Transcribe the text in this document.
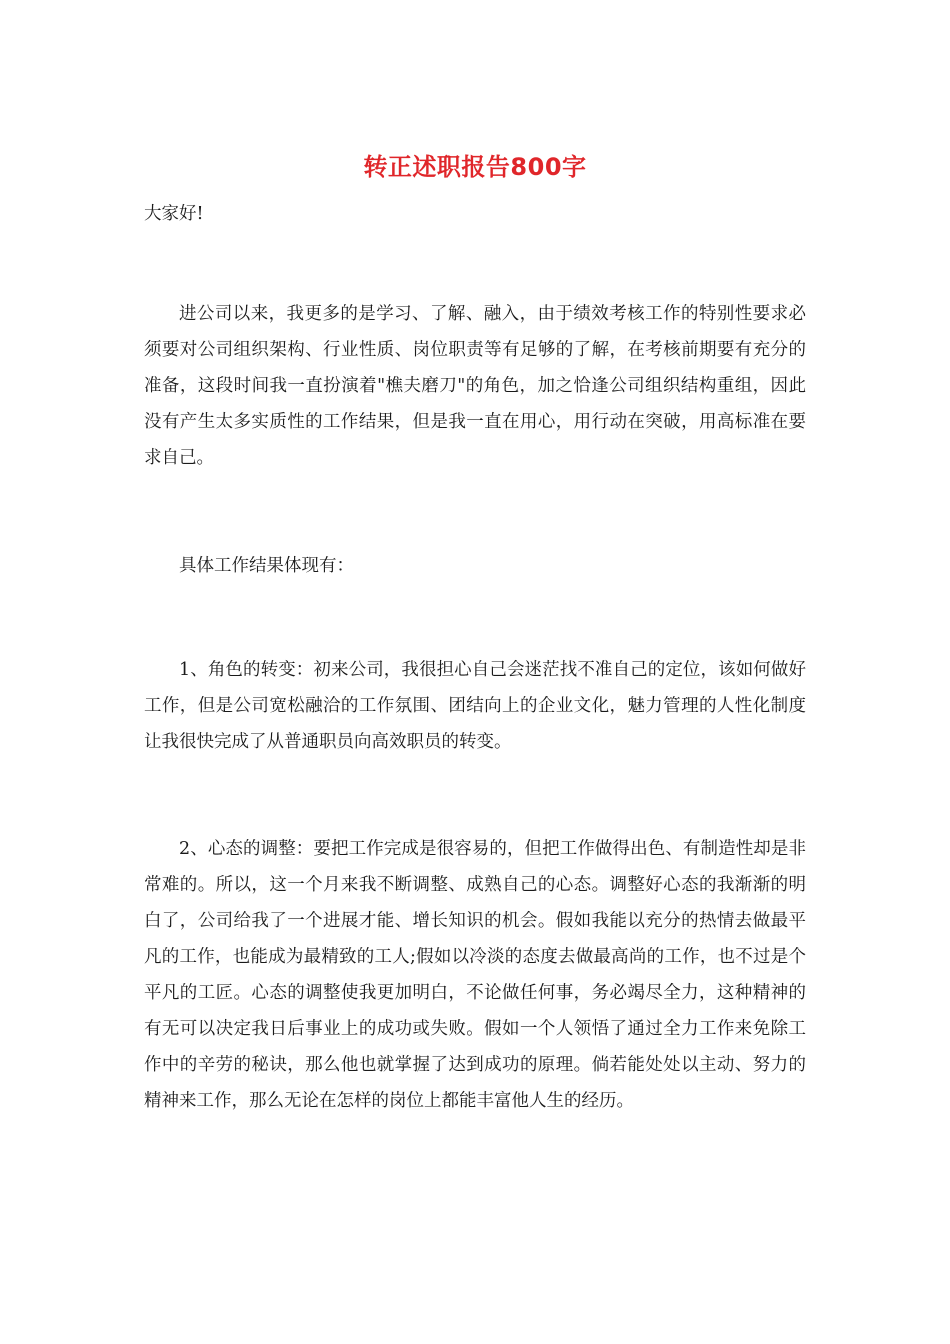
转正述职报告800字

大家好!

进公司以来，我更多的是学习、了解、融入，由于绩效考核工作的特别性要求必须要对公司组织架构、行业性质、岗位职责等有足够的了解，在考核前期要有充分的准备，这段时间我一直扮演着"樵夫磨刀"的角色，加之恰逢公司组织结构重组，因此没有产生太多实质性的工作结果，但是我一直在用心，用行动在突破，用高标准在要求自己。

具体工作结果体现有：

1、角色的转变：初来公司，我很担心自己会迷茫找不准自己的定位，该如何做好工作，但是公司宽松融洽的工作氛围、团结向上的企业文化，魅力管理的人性化制度让我很快完成了从普通职员向高效职员的转变。

2、心态的调整：要把工作完成是很容易的，但把工作做得出色、有制造性却是非常难的。所以，这一个月来我不断调整、成熟自己的心态。调整好心态的我渐渐的明白了，公司给我了一个进展才能、增长知识的机会。假如我能以充分的热情去做最平凡的工作，也能成为最精致的工人;假如以冷淡的态度去做最高尚的工作，也不过是个平凡的工匠。心态的调整使我更加明白，不论做任何事，务必竭尽全力，这种精神的有无可以决定我日后事业上的成功或失败。假如一个人领悟了通过全力工作来免除工作中的辛劳的秘诀，那么他也就掌握了达到成功的原理。倘若能处处以主动、努力的精神来工作，那么无论在怎样的岗位上都能丰富他人生的经历。
